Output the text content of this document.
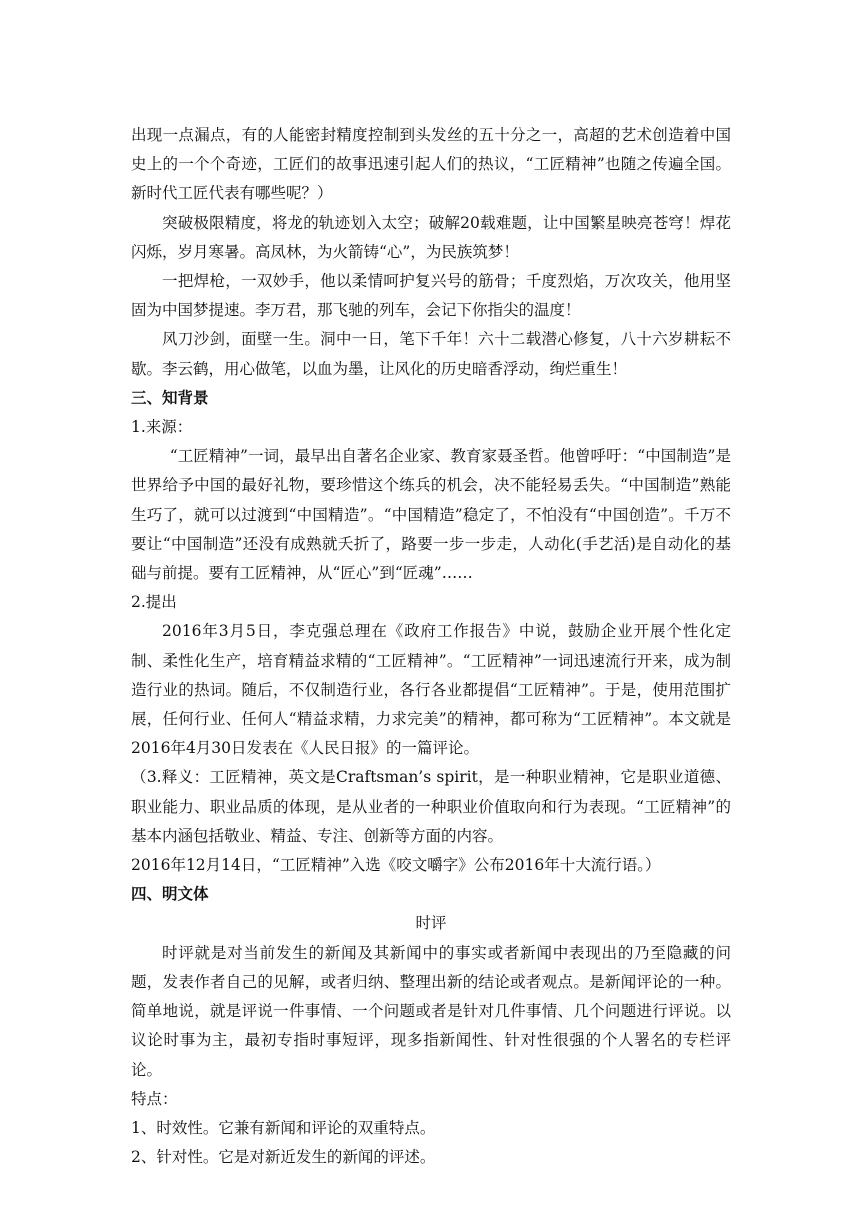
出现一点漏点，有的人能密封精度控制到头发丝的五十分之一，高超的艺术创造着中国史上的一个个奇迹，工匠们的故事迅速引起人们的热议，“工匠精神”也随之传遍全国。新时代工匠代表有哪些呢？）

突破极限精度，将龙的轨迹划入太空；破解20载难题，让中国繁星映亮苍穹！焊花闪烁，岁月寒暑。高凤林，为火箭铸“心”，为民族筑梦！

一把焊枪，一双妙手，他以柔情呵护复兴号的筋骨；千度烈焰，万次攻关，他用坚固为中国梦提速。李万君，那飞驰的列车，会记下你指尖的温度！

风刀沙剑，面壁一生。洞中一日，笔下千年！六十二载潜心修复，八十六岁耕耘不歇。李云鹤，用心做笔，以血为墨，让风化的历史暗香浮动，绚烂重生！

三、知背景

1.来源：

“工匠精神”一词，最早出自著名企业家、教育家聂圣哲。他曾呼吁：“中国制造”是世界给予中国的最好礼物，要珍惜这个练兵的机会，决不能轻易丢失。“中国制造”熟能生巧了，就可以过渡到“中国精造”。“中国精造”稳定了，不怕没有“中国创造”。千万不要让“中国制造”还没有成熟就夭折了，路要一步一步走，人动化(手艺活)是自动化的基础与前提。要有工匠精神，从“匠心”到“匠魂”……

2.提出

2016年3月5日，李克强总理在《政府工作报告》中说，鼓励企业开展个性化定制、柔性化生产，培育精益求精的“工匠精神”。“工匠精神”一词迅速流行开来，成为制造行业的热词。随后，不仅制造行业，各行各业都提倡“工匠精神”。于是，使用范围扩展，任何行业、任何人“精益求精，力求完美”的精神，都可称为“工匠精神”。本文就是2016年4月30日发表在《人民日报》的一篇评论。

（3.释义：工匠精神，英文是Craftsman’s spirit，是一种职业精神，它是职业道德、职业能力、职业品质的体现，是从业者的一种职业价值取向和行为表现。“工匠精神”的基本内涵包括敬业、精益、专注、创新等方面的内容。

2016年12月14日，“工匠精神”入选《咬文嚼字》公布2016年十大流行语。）

四、明文体

时评

时评就是对当前发生的新闻及其新闻中的事实或者新闻中表现出的乃至隐藏的问题，发表作者自己的见解，或者归纳、整理出新的结论或者观点。是新闻评论的一种。简单地说，就是评说一件事情、一个问题或者是针对几件事情、几个问题进行评说。以议论时事为主，最初专指时事短评，现多指新闻性、针对性很强的个人署名的专栏评论。

特点：

1、时效性。它兼有新闻和评论的双重特点。

2、针对性。它是对新近发生的新闻的评述。
